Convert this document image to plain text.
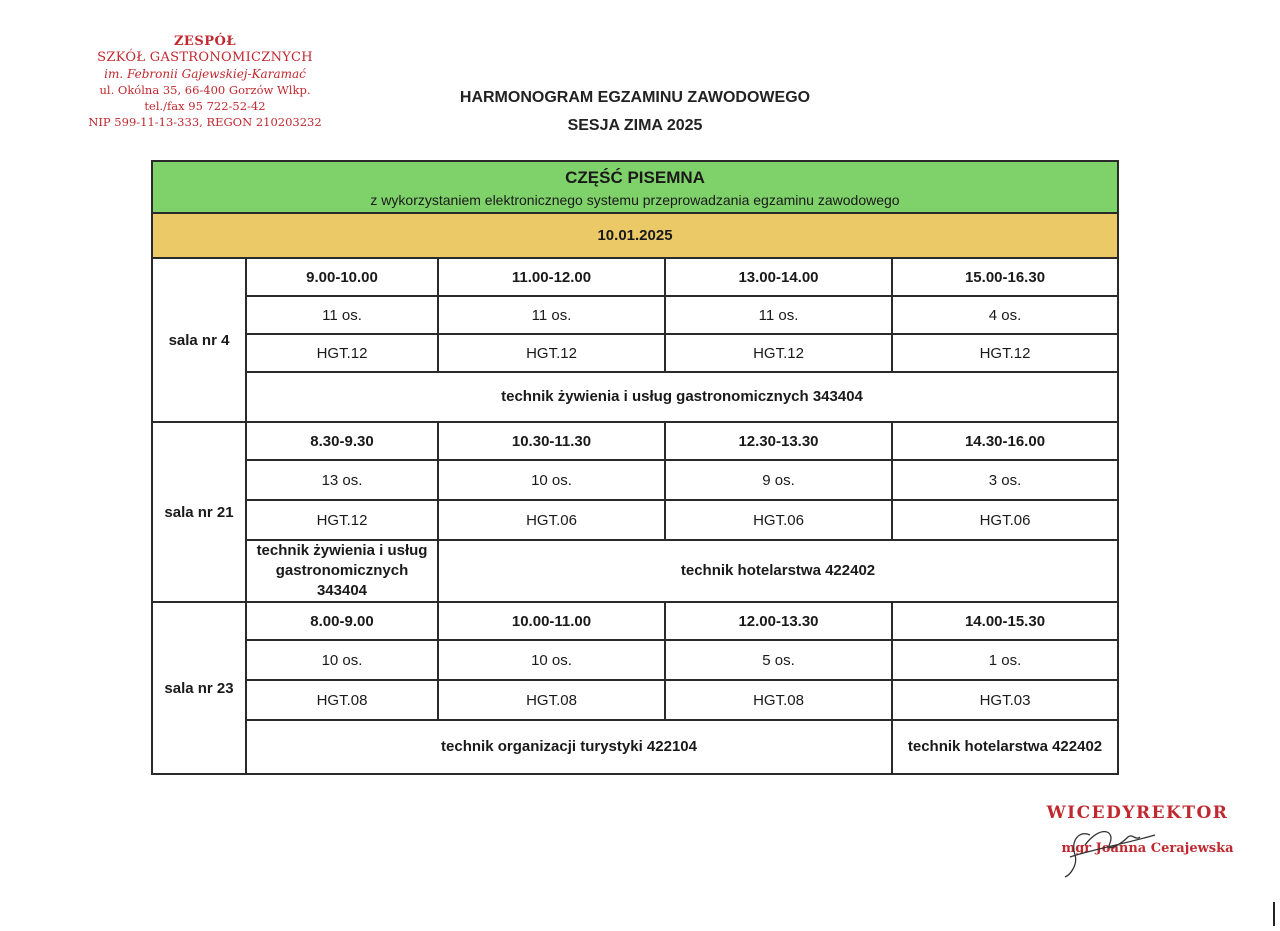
ZESPÓŁ
SZKÓŁ GASTRONOMICZNYCH
im. Febronii Gajewskiej-Karamać
ul. Okólna 35, 66-400 Gorzów Wlkp.
tel./fax 95 722-52-42
NIP 599-11-13-333, REGON 210203232
HARMONOGRAM EGZAMINU ZAWODOWEGO
SESJA ZIMA 2025
CZĘŚĆ PISEMNA
z wykorzystaniem elektronicznego systemu przeprowadzania egzaminu zawodowego				

10.01.2025				
sala nr 4	9.00-10.00	11.00-12.00	13.00-14.00	15.00-16.30
	11 os.	11 os.	11 os.	4 os.
	HGT.12	HGT.12	HGT.12	HGT.12
	technik żywienia i usług gastronomicznych 343404			
sala nr 21	8.30-9.30	10.30-11.30	12.30-13.30	14.30-16.00
	13 os.	10 os.	9 os.	3 os.
	HGT.12	HGT.06	HGT.06	HGT.06
	technik żywienia i usług gastronomicznych 343404	technik hotelarstwa 422402		
sala nr 23	8.00-9.00	10.00-11.00	12.00-13.30	14.00-15.30
	10 os.	10 os.	5 os.	1 os.
	HGT.08	HGT.08	HGT.08	HGT.03
	technik organizacji turystyki 422104			technik hotelarstwa 422402
WICEDYREKTOR
mgr Joanna Cerajewska
